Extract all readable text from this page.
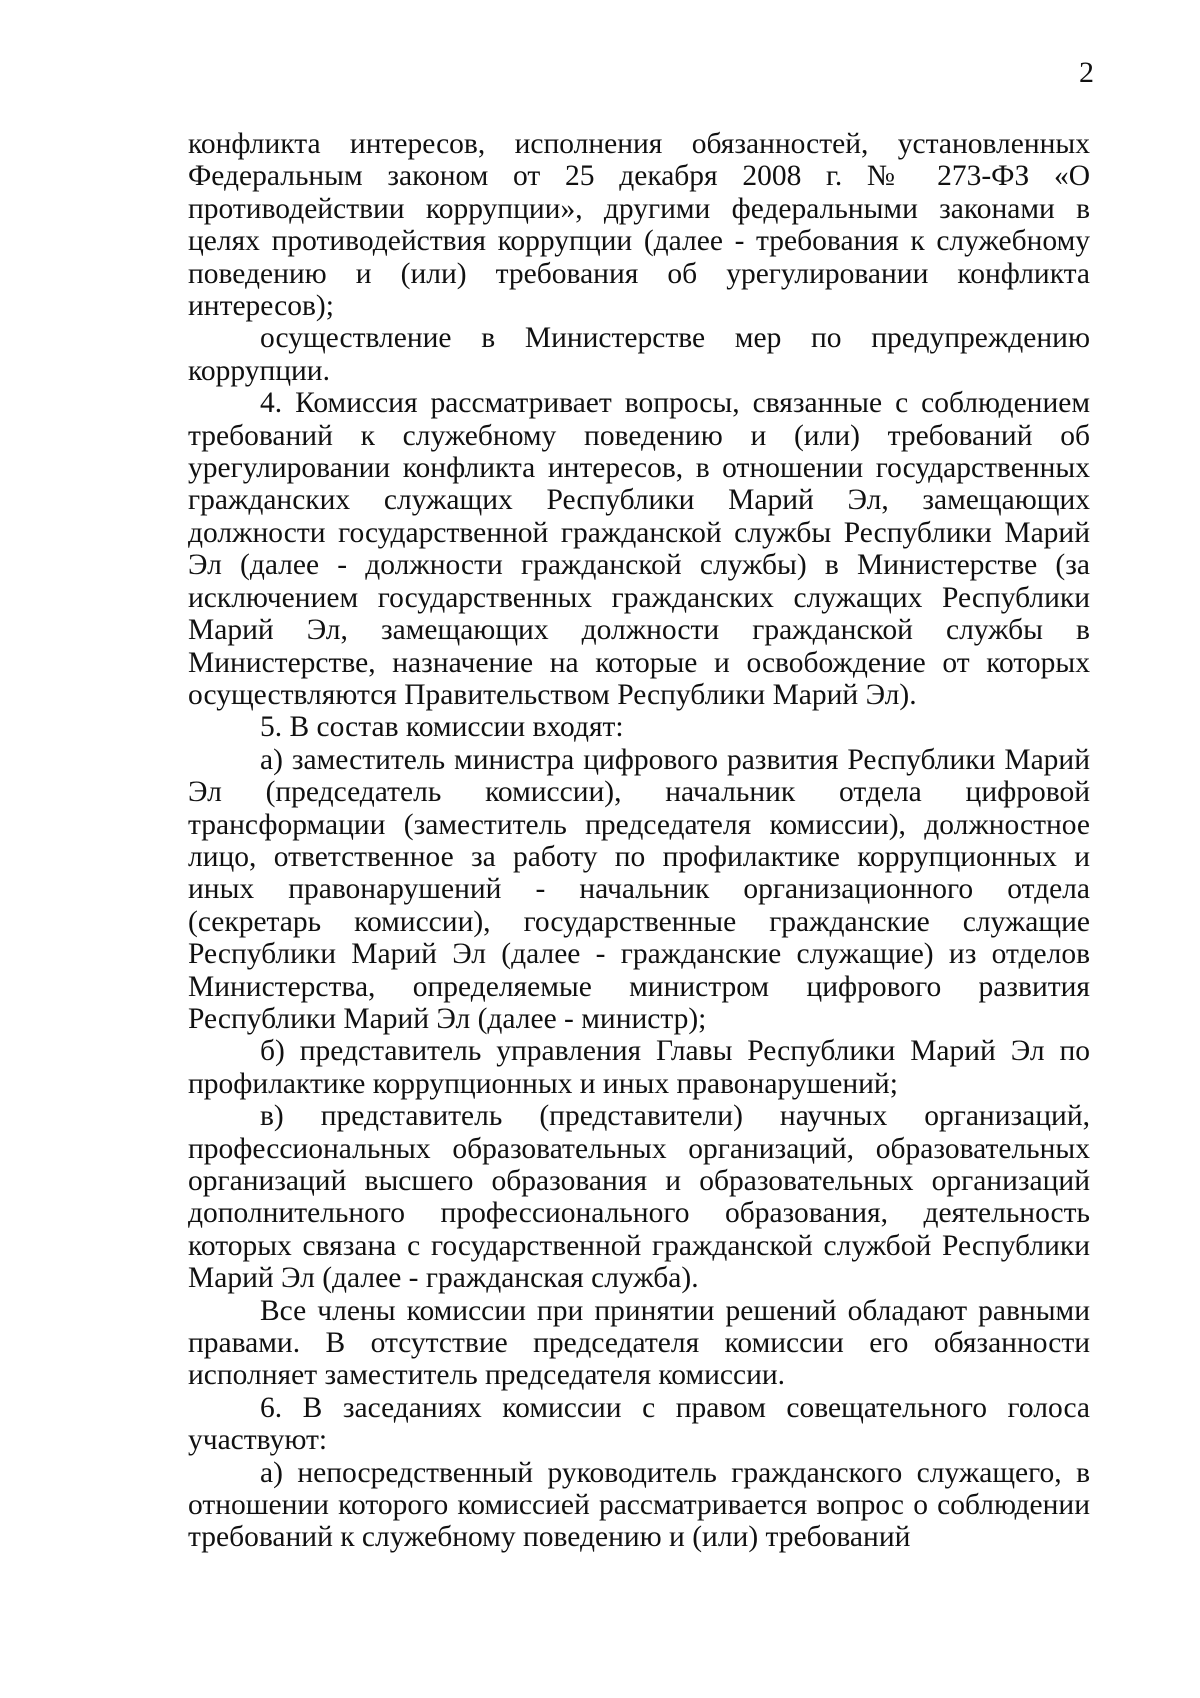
2

конфликта интересов, исполнения обязанностей, установленных Федеральным законом от 25 декабря 2008 г. № 273-ФЗ «О противодействии коррупции», другими федеральными законами в целях противодействия коррупции (далее - требования к служебному поведению и (или) требования об урегулировании конфликта интересов);

осуществление в Министерстве мер по предупреждению коррупции.

4. Комиссия рассматривает вопросы, связанные с соблюдением требований к служебному поведению и (или) требований об урегулировании конфликта интересов, в отношении государственных гражданских служащих Республики Марий Эл, замещающих должности государственной гражданской службы Республики Марий Эл (далее - должности гражданской службы) в Министерстве (за исключением государственных гражданских служащих Республики Марий Эл, замещающих должности гражданской службы в Министерстве, назначение на которые и освобождение от которых осуществляются Правительством Республики Марий Эл).

5. В состав комиссии входят:

а) заместитель министра цифрового развития Республики Марий Эл (председатель комиссии), начальник отдела цифровой трансформации (заместитель председателя комиссии), должностное лицо, ответственное за работу по профилактике коррупционных и иных правонарушений - начальник организационного отдела (секретарь комиссии), государственные гражданские служащие Республики Марий Эл (далее - гражданские служащие) из отделов Министерства, определяемые министром цифрового развития Республики Марий Эл (далее - министр);

б) представитель управления Главы Республики Марий Эл по профилактике коррупционных и иных правонарушений;

в) представитель (представители) научных организаций, профессиональных образовательных организаций, образовательных организаций высшего образования и образовательных организаций дополнительного профессионального образования, деятельность которых связана с государственной гражданской службой Республики Марий Эл (далее - гражданская служба).

Все члены комиссии при принятии решений обладают равными правами. В отсутствие председателя комиссии его обязанности исполняет заместитель председателя комиссии.

6. В заседаниях комиссии с правом совещательного голоса участвуют:

а) непосредственный руководитель гражданского служащего, в отношении которого комиссией рассматривается вопрос о соблюдении требований к служебному поведению и (или) требований
